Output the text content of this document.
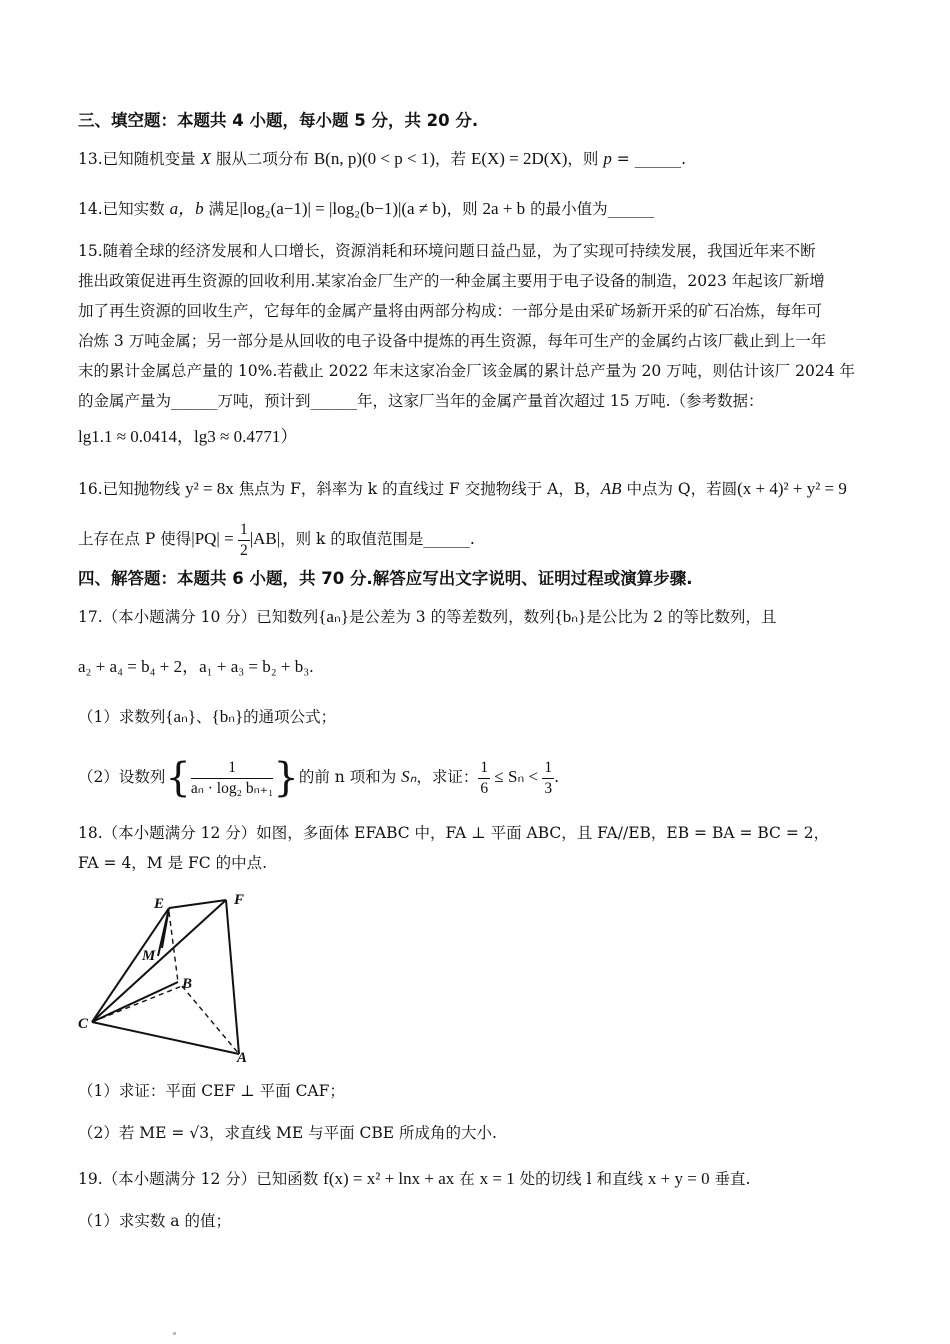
三、填空题：本题共 4 小题，每小题 5 分，共 20 分.
13.已知随机变量 X 服从二项分布 B(n, p)(0 < p < 1)，若 E(X) = 2D(X)，则 p = ______.
14.已知实数 a，b 满足|log₂(a−1)| = |log₂(b−1)|(a ≠ b)，则 2a + b 的最小值为______
15.随着全球的经济发展和人口增长，资源消耗和环境问题日益凸显，为了实现可持续发展，我国近年来不断
推出政策促进再生资源的回收利用.某家冶金厂生产的一种金属主要用于电子设备的制造，2023 年起该厂新增
加了再生资源的回收生产，它每年的金属产量将由两部分构成：一部分是由采矿场新开采的矿石冶炼，每年可
冶炼 3 万吨金属；另一部分是从回收的电子设备中提炼的再生资源，每年可生产的金属约占该厂截止到上一年
末的累计金属总产量的 10%.若截止 2022 年末这家冶金厂该金属的累计总产量为 20 万吨，则估计该厂 2024 年
的金属产量为______万吨，预计到______年，这家厂当年的金属产量首次超过 15 万吨.（参考数据：
lg1.1 ≈ 0.0414，lg3 ≈ 0.4771）
16.已知抛物线 y² = 8x 焦点为 F，斜率为 k 的直线过 F 交抛物线于 A，B，AB 中点为 Q，若圆(x + 4)² + y² = 9
上存在点 P 使得$|PQ| = \frac{1}{2} |AB|$，则 k 的取值范围是______.
四、解答题：本题共 6 小题，共 70 分.解答应写出文字说明、证明过程或演算步骤.
17.（本小题满分 10 分）已知数列{aₙ}是公差为 3 的等差数列，数列{bₙ}是公比为 2 的等比数列，且
a₂ + a₄ = b₄ + 2，a₁ + a₃ = b₂ + b₃.
（1）求数列{aₙ}、{bₙ}的通项公式；
（2）设数列{ $\frac{1}{\text{aₙ · log₂ bₙ₊₁}}$ }的前 n 项和为 Sₙ，求证： $\frac{1}{6} \le S_n < \frac{1}{3}$ .
18.（本小题满分 12 分）如图，多面体 EFABC 中，FA ⊥ 平面 ABC，且 FA//EB，EB = BA = BC = 2，
FA = 4，M 是 FC 的中点.
E	F
M
B
C
A
（1）求证：平面 CEF ⊥ 平面 CAF；
（2）若 ME = √3，求直线 ME 与平面 CBE 所成角的大小.
19.（本小题满分 12 分）已知函数 f(x) = x² + lnx + ax 在 x = 1 处的切线 l 和直线 x + y = 0 垂直.
（1）求实数 a 的值；
